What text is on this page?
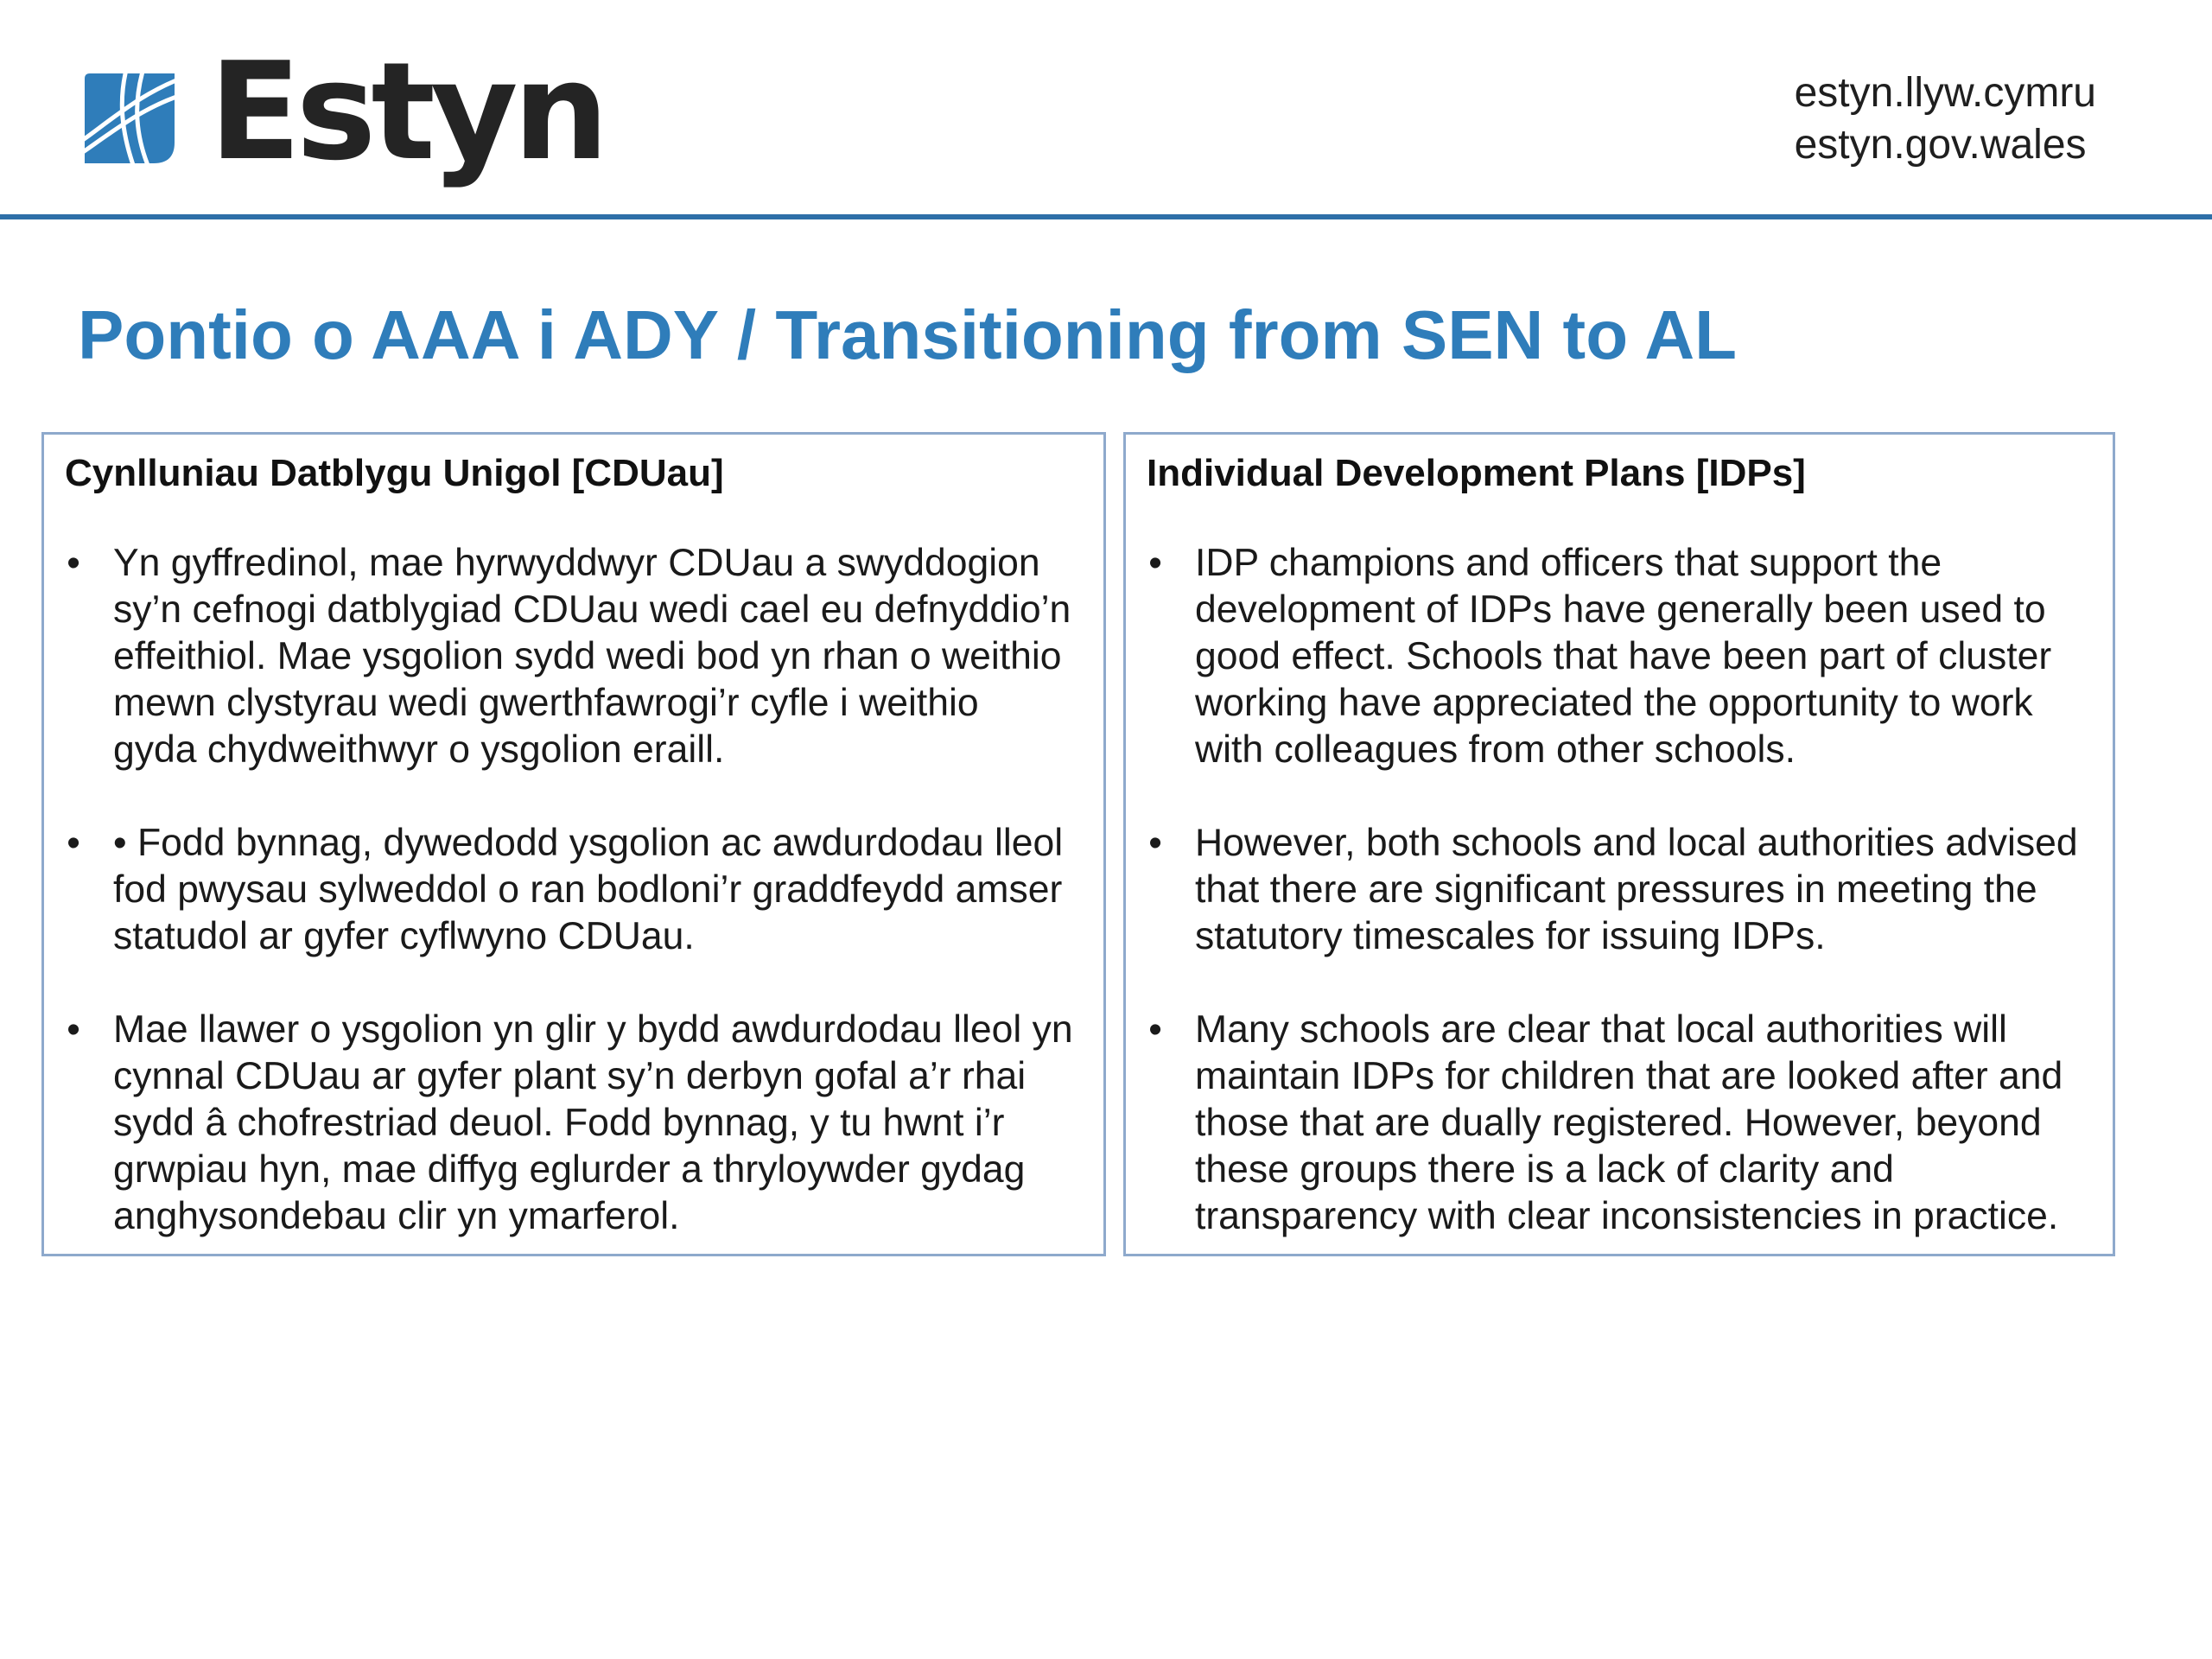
Estyn	estyn.llyw.cymru
estyn.gov.wales
Pontio o AAA i ADY / Transitioning from SEN to AL
Cynlluniau Datblygu Unigol [CDUau]
• Yn gyffredinol, mae hyrwyddwyr CDUau a swyddogion
sy’n cefnogi datblygiad CDUau wedi cael eu defnyddio’n
effeithiol. Mae ysgolion sydd wedi bod yn rhan o weithio
mewn clystyrau wedi gwerthfawrogi’r cyfle i weithio
gyda chydweithwyr o ysgolion eraill.
• • Fodd bynnag, dywedodd ysgolion ac awdurdodau lleol
fod pwysau sylweddol o ran bodloni’r graddfeydd amser
statudol ar gyfer cyflwyno CDUau.
• Mae llawer o ysgolion yn glir y bydd awdurdodau lleol yn
cynnal CDUau ar gyfer plant sy’n derbyn gofal a’r rhai
sydd â chofrestriad deuol. Fodd bynnag, y tu hwnt i’r
grwpiau hyn, mae diffyg eglurder a thryloywder gydag
anghysondebau clir yn ymarferol.
Individual Development Plans [IDPs]
• IDP champions and officers that support the
development of IDPs have generally been used to
good effect. Schools that have been part of cluster
working have appreciated the opportunity to work
with colleagues from other schools.
• However, both schools and local authorities advised
that there are significant pressures in meeting the
statutory timescales for issuing IDPs.
• Many schools are clear that local authorities will
maintain IDPs for children that are looked after and
those that are dually registered. However, beyond
these groups there is a lack of clarity and
transparency with clear inconsistencies in practice.
